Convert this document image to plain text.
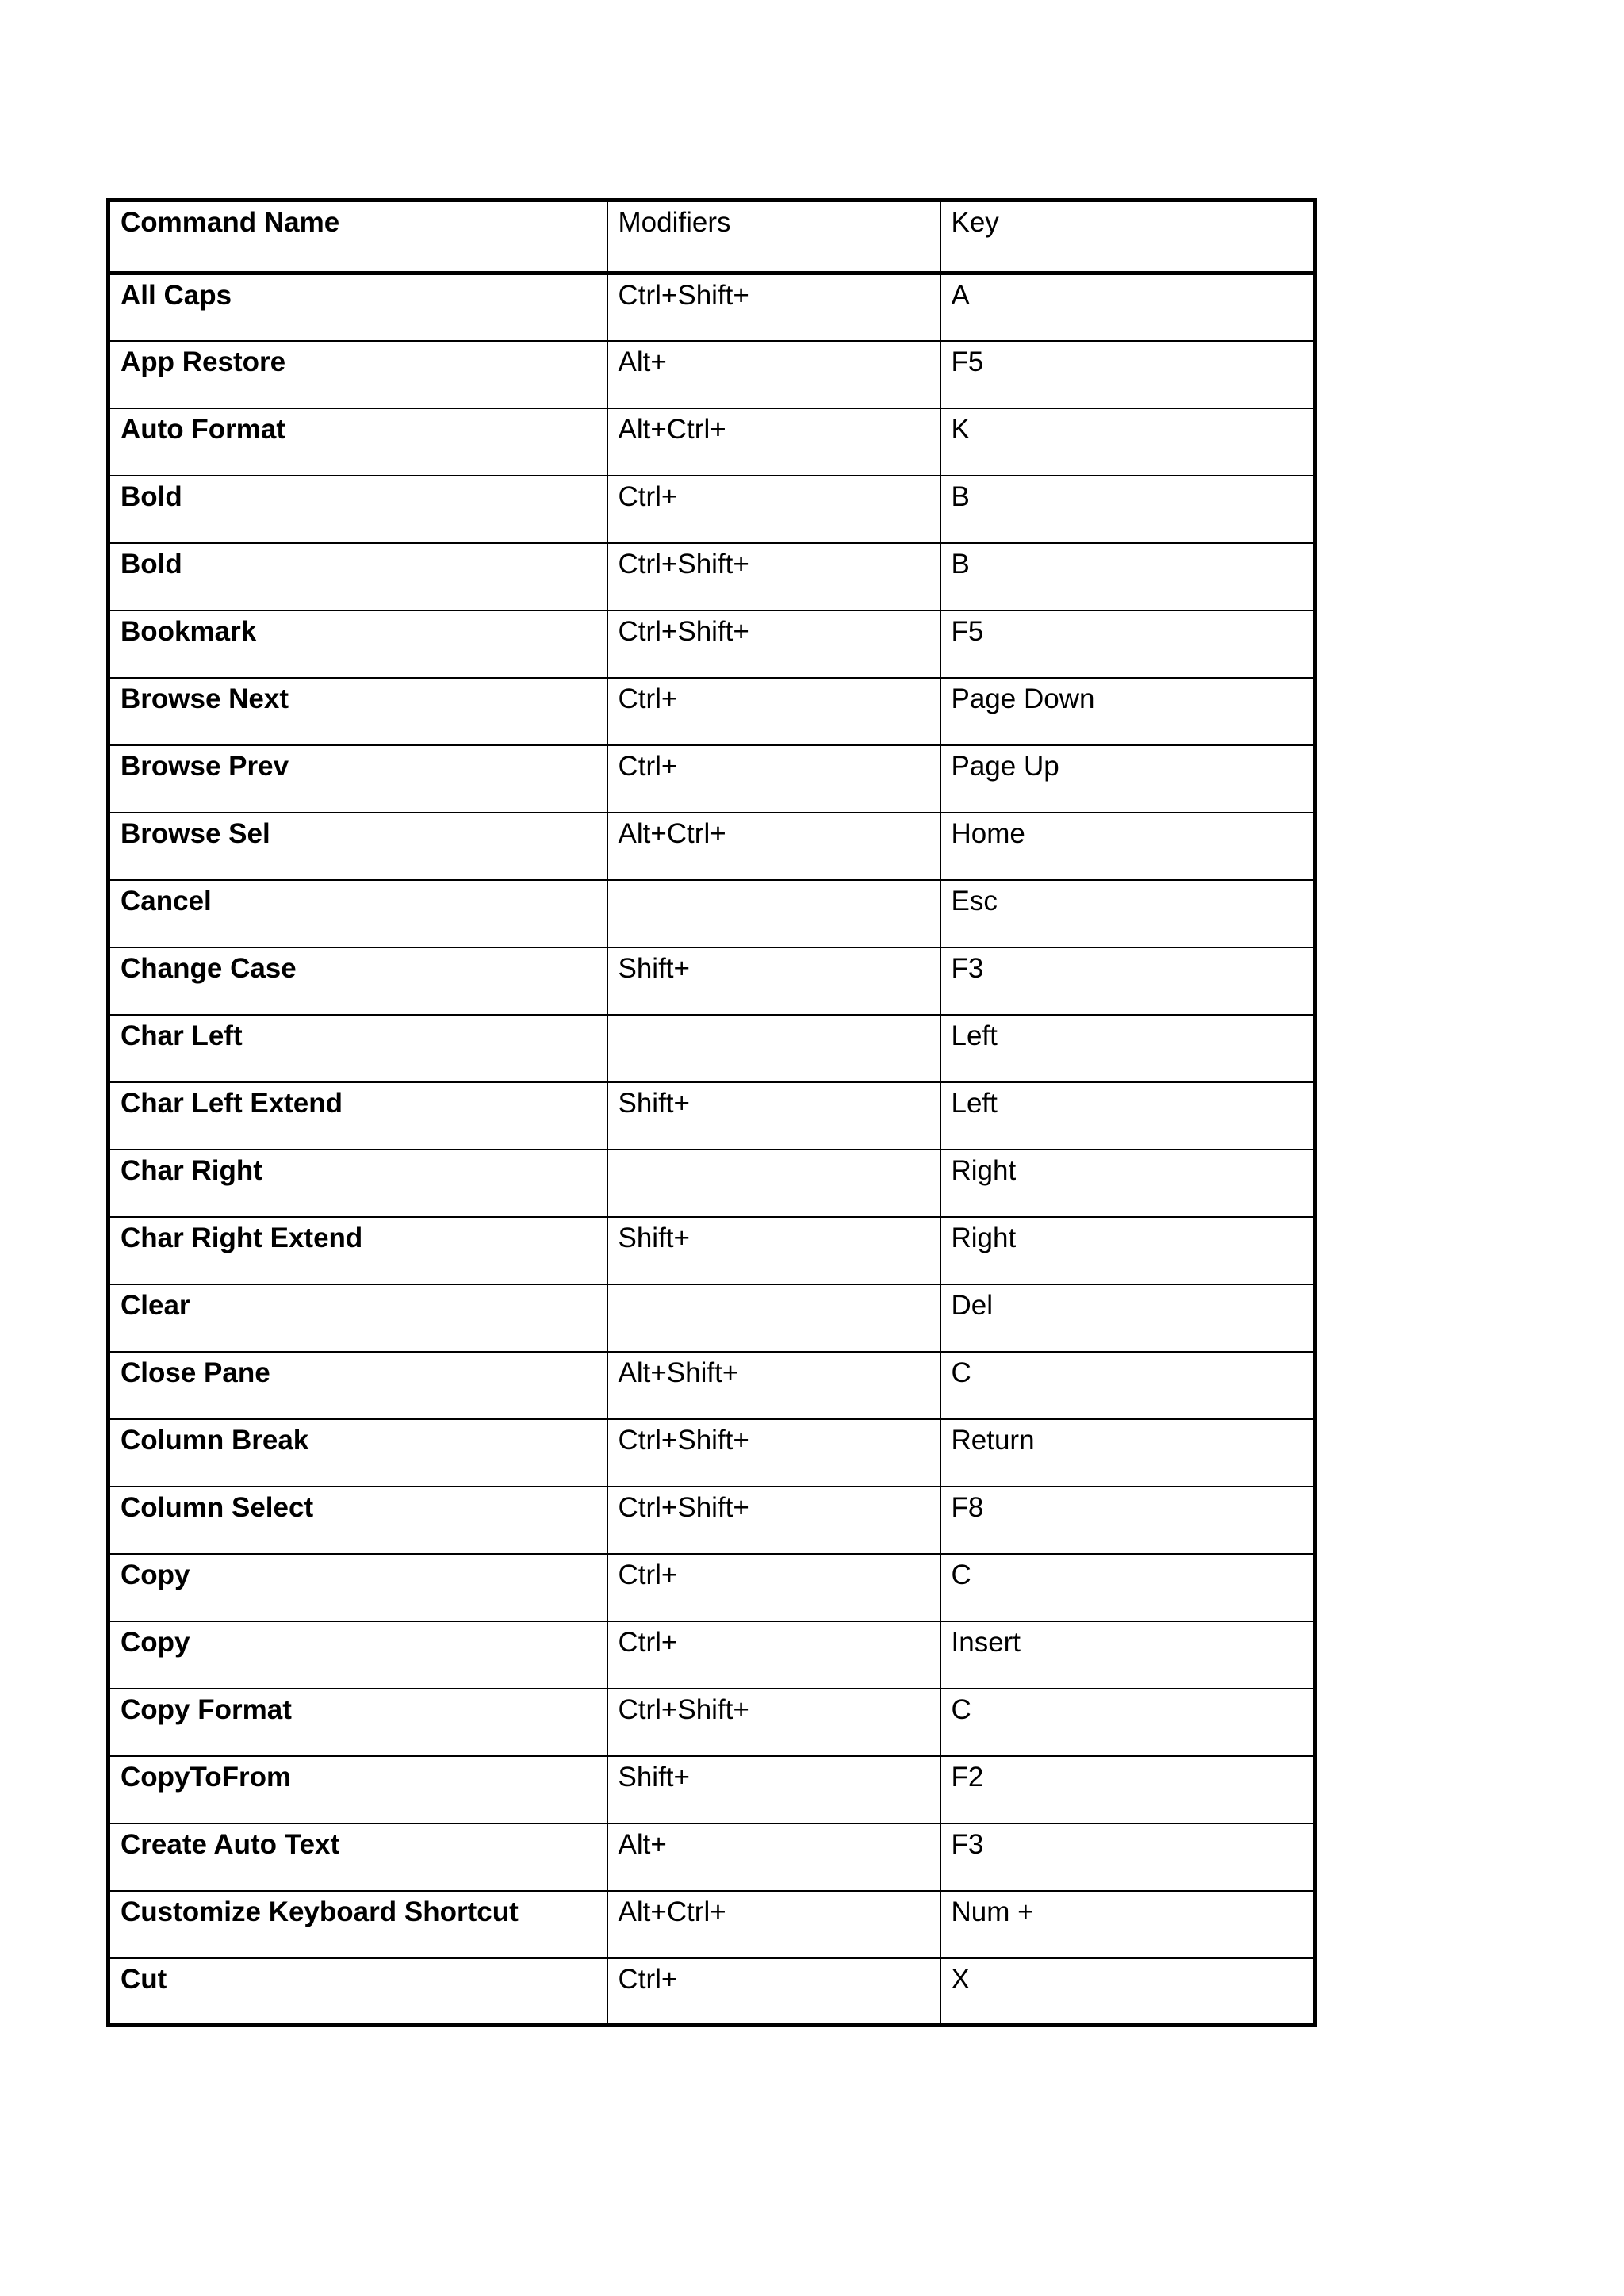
Command Name	Modifiers	Key
All Caps	Ctrl+Shift+	A
App Restore	Alt+	F5
Auto Format	Alt+Ctrl+	K
Bold	Ctrl+	B
Bold	Ctrl+Shift+	B
Bookmark	Ctrl+Shift+	F5
Browse Next	Ctrl+	Page Down
Browse Prev	Ctrl+	Page Up
Browse Sel	Alt+Ctrl+	Home
Cancel		Esc
Change Case	Shift+	F3
Char Left		Left
Char Left Extend	Shift+	Left
Char Right		Right
Char Right Extend	Shift+	Right
Clear		Del
Close Pane	Alt+Shift+	C
Column Break	Ctrl+Shift+	Return
Column Select	Ctrl+Shift+	F8
Copy	Ctrl+	C
Copy	Ctrl+	Insert
Copy Format	Ctrl+Shift+	C
CopyToFrom	Shift+	F2
Create Auto Text	Alt+	F3
Customize Keyboard Shortcut	Alt+Ctrl+	Num +
Cut	Ctrl+	X
